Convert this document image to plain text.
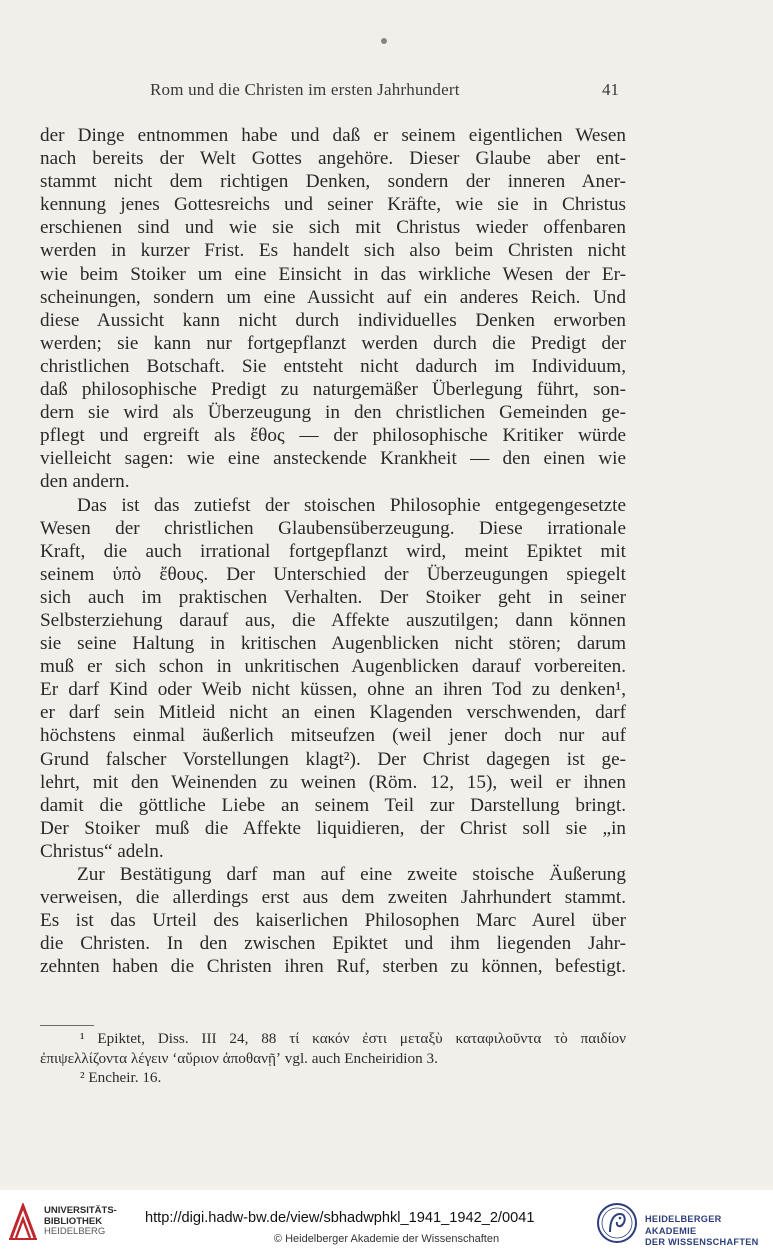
Rom und die Christen im ersten Jahrhundert	41
der Dinge entnommen habe und daß er seinem eigentlichen Wesen
nach bereits der Welt Gottes angehöre. Dieser Glaube aber ent-
stammt nicht dem richtigen Denken, sondern der inneren Aner-
kennung jenes Gottesreichs und seiner Kräfte, wie sie in Christus
erschienen sind und wie sie sich mit Christus wieder offenbaren
werden in kurzer Frist. Es handelt sich also beim Christen nicht
wie beim Stoiker um eine Einsicht in das wirkliche Wesen der Er-
scheinungen, sondern um eine Aussicht auf ein anderes Reich. Und
diese Aussicht kann nicht durch individuelles Denken erworben
werden; sie kann nur fortgepflanzt werden durch die Predigt der
christlichen Botschaft. Sie entsteht nicht dadurch im Individuum,
daß philosophische Predigt zu naturgemäßer Überlegung führt, son-
dern sie wird als Überzeugung in den christlichen Gemeinden ge-
pflegt und ergreift als ἔθος — der philosophische Kritiker würde
vielleicht sagen: wie eine ansteckende Krankheit — den einen wie
den andern.
Das ist das zutiefst der stoischen Philosophie entgegengesetzte
Wesen der christlichen Glaubensüberzeugung. Diese irrationale
Kraft, die auch irrational fortgepflanzt wird, meint Epiktet mit
seinem ὑπὸ ἔθους. Der Unterschied der Überzeugungen spiegelt
sich auch im praktischen Verhalten. Der Stoiker geht in seiner
Selbsterziehung darauf aus, die Affekte auszutilgen; dann können
sie seine Haltung in kritischen Augenblicken nicht stören; darum
muß er sich schon in unkritischen Augenblicken darauf vorbereiten.
Er darf Kind oder Weib nicht küssen, ohne an ihren Tod zu denken¹,
er darf sein Mitleid nicht an einen Klagenden verschwenden, darf
höchstens einmal äußerlich mitseufzen (weil jener doch nur auf
Grund falscher Vorstellungen klagt²). Der Christ dagegen ist ge-
lehrt, mit den Weinenden zu weinen (Röm. 12, 15), weil er ihnen
damit die göttliche Liebe an seinem Teil zur Darstellung bringt.
Der Stoiker muß die Affekte liquidieren, der Christ soll sie „in
Christus“ adeln.
Zur Bestätigung darf man auf eine zweite stoische Äußerung
verweisen, die allerdings erst aus dem zweiten Jahrhundert stammt.
Es ist das Urteil des kaiserlichen Philosophen Marc Aurel über
die Christen. In den zwischen Epiktet und ihm liegenden Jahr-
zehnten haben die Christen ihren Ruf, sterben zu können, befestigt.
¹ Epiktet, Diss. III 24, 88 τί κακόν ἐστι μεταξὺ καταφιλοῦντα τὸ παιδίον
ἐπιψελλίζοντα λέγειν ʻαὔριον ἀποθανῇʼ vgl. auch Encheiridion 3.
² Encheir. 16.
UNIVERSITÄTS-
BIBLIOTHEK
HEIDELBERG
http://digi.hadw-bw.de/view/sbhadwphkl_1941_1942_2/0041
© Heidelberger Akademie der Wissenschaften
HEIDELBERGER AKADEMIE
DER WISSENSCHAFTEN
